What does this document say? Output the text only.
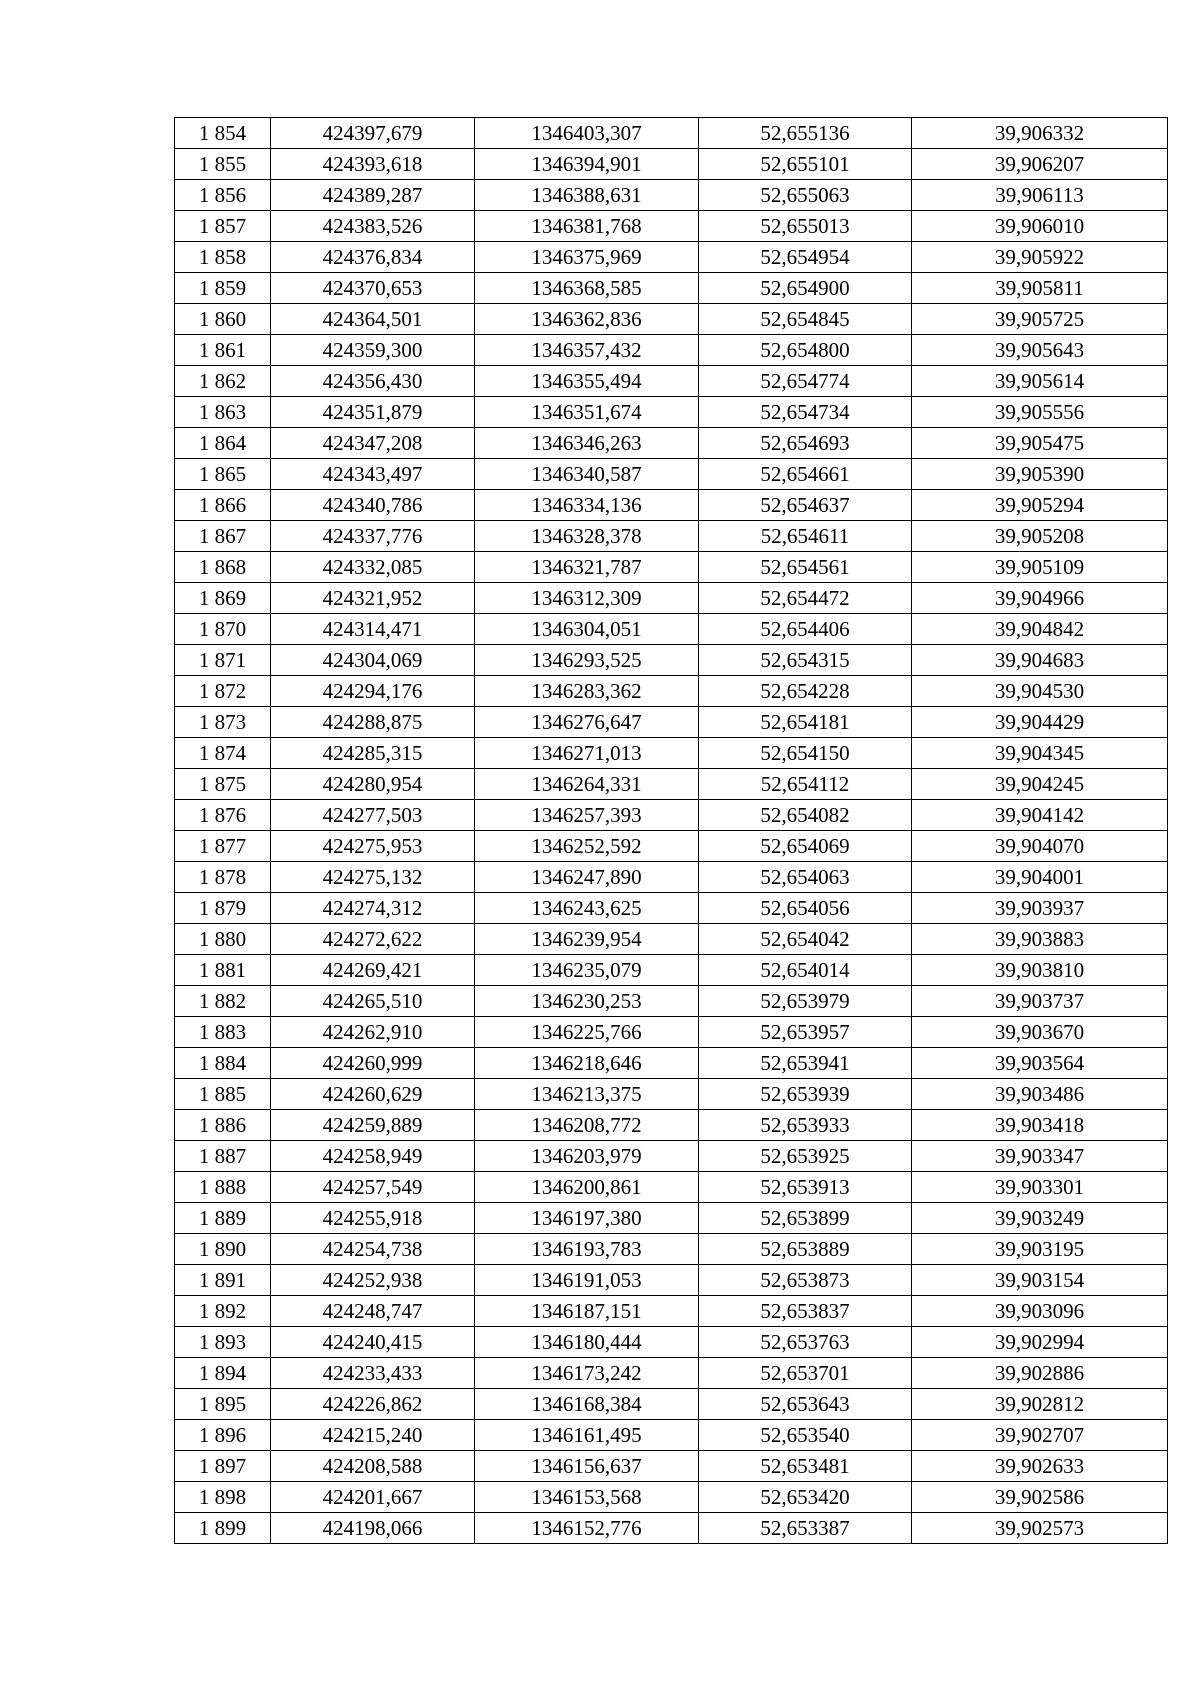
1 854	424397,679	1346403,307	52,655136	39,906332
1 855	424393,618	1346394,901	52,655101	39,906207
1 856	424389,287	1346388,631	52,655063	39,906113
1 857	424383,526	1346381,768	52,655013	39,906010
1 858	424376,834	1346375,969	52,654954	39,905922
1 859	424370,653	1346368,585	52,654900	39,905811
1 860	424364,501	1346362,836	52,654845	39,905725
1 861	424359,300	1346357,432	52,654800	39,905643
1 862	424356,430	1346355,494	52,654774	39,905614
1 863	424351,879	1346351,674	52,654734	39,905556
1 864	424347,208	1346346,263	52,654693	39,905475
1 865	424343,497	1346340,587	52,654661	39,905390
1 866	424340,786	1346334,136	52,654637	39,905294
1 867	424337,776	1346328,378	52,654611	39,905208
1 868	424332,085	1346321,787	52,654561	39,905109
1 869	424321,952	1346312,309	52,654472	39,904966
1 870	424314,471	1346304,051	52,654406	39,904842
1 871	424304,069	1346293,525	52,654315	39,904683
1 872	424294,176	1346283,362	52,654228	39,904530
1 873	424288,875	1346276,647	52,654181	39,904429
1 874	424285,315	1346271,013	52,654150	39,904345
1 875	424280,954	1346264,331	52,654112	39,904245
1 876	424277,503	1346257,393	52,654082	39,904142
1 877	424275,953	1346252,592	52,654069	39,904070
1 878	424275,132	1346247,890	52,654063	39,904001
1 879	424274,312	1346243,625	52,654056	39,903937
1 880	424272,622	1346239,954	52,654042	39,903883
1 881	424269,421	1346235,079	52,654014	39,903810
1 882	424265,510	1346230,253	52,653979	39,903737
1 883	424262,910	1346225,766	52,653957	39,903670
1 884	424260,999	1346218,646	52,653941	39,903564
1 885	424260,629	1346213,375	52,653939	39,903486
1 886	424259,889	1346208,772	52,653933	39,903418
1 887	424258,949	1346203,979	52,653925	39,903347
1 888	424257,549	1346200,861	52,653913	39,903301
1 889	424255,918	1346197,380	52,653899	39,903249
1 890	424254,738	1346193,783	52,653889	39,903195
1 891	424252,938	1346191,053	52,653873	39,903154
1 892	424248,747	1346187,151	52,653837	39,903096
1 893	424240,415	1346180,444	52,653763	39,902994
1 894	424233,433	1346173,242	52,653701	39,902886
1 895	424226,862	1346168,384	52,653643	39,902812
1 896	424215,240	1346161,495	52,653540	39,902707
1 897	424208,588	1346156,637	52,653481	39,902633
1 898	424201,667	1346153,568	52,653420	39,902586
1 899	424198,066	1346152,776	52,653387	39,902573
